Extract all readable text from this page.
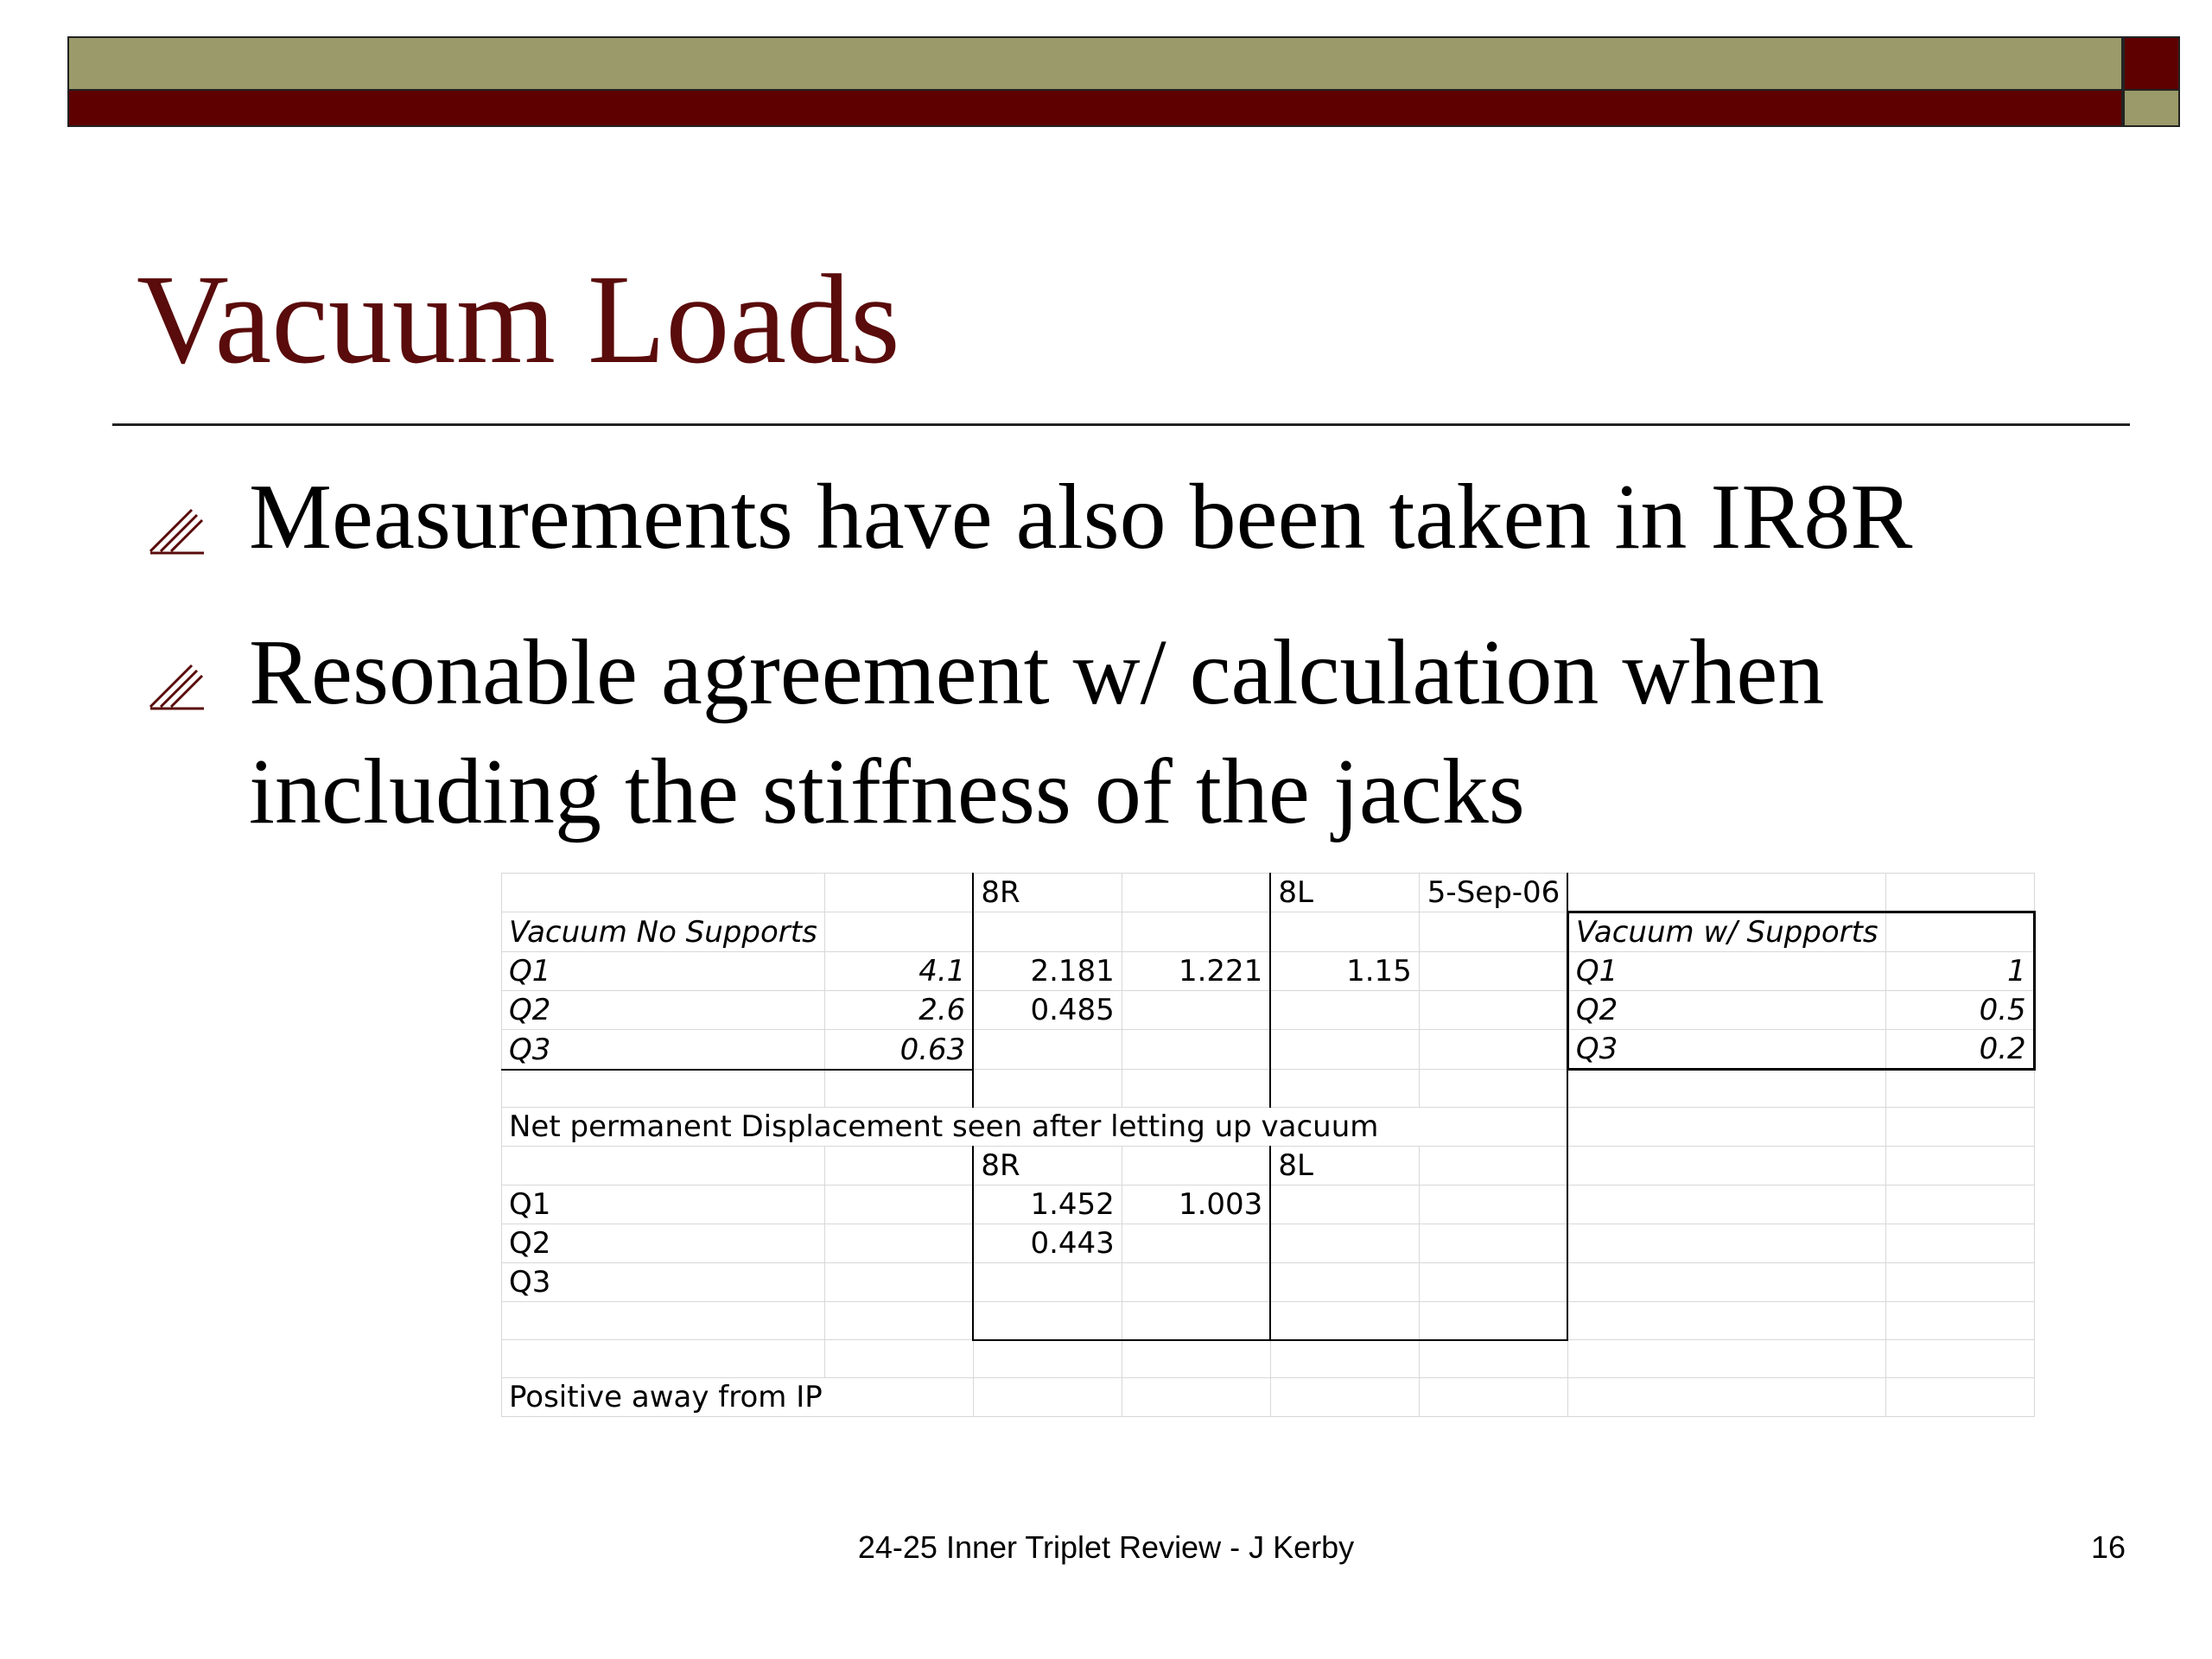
Vacuum Loads
Measurements have also been taken in IR8R
Resonable agreement w/ calculation when including the stiffness of the jacks
		8R		8L	5-Sep-06		
Vacuum No Supports						Vacuum w/ Supports	
Q1	4.1	2.181	1.221	1.15		Q1	1
Q2	2.6	0.485				Q2	0.5
Q3	0.63					Q3	0.2

Net permanent Displacement seen after letting up vacuum							
		8R		8L			
Q1		1.452	1.003				
Q2		0.443					
Q3							

Positive away from IP							
24-25 Inner Triplet Review - J Kerby	16
